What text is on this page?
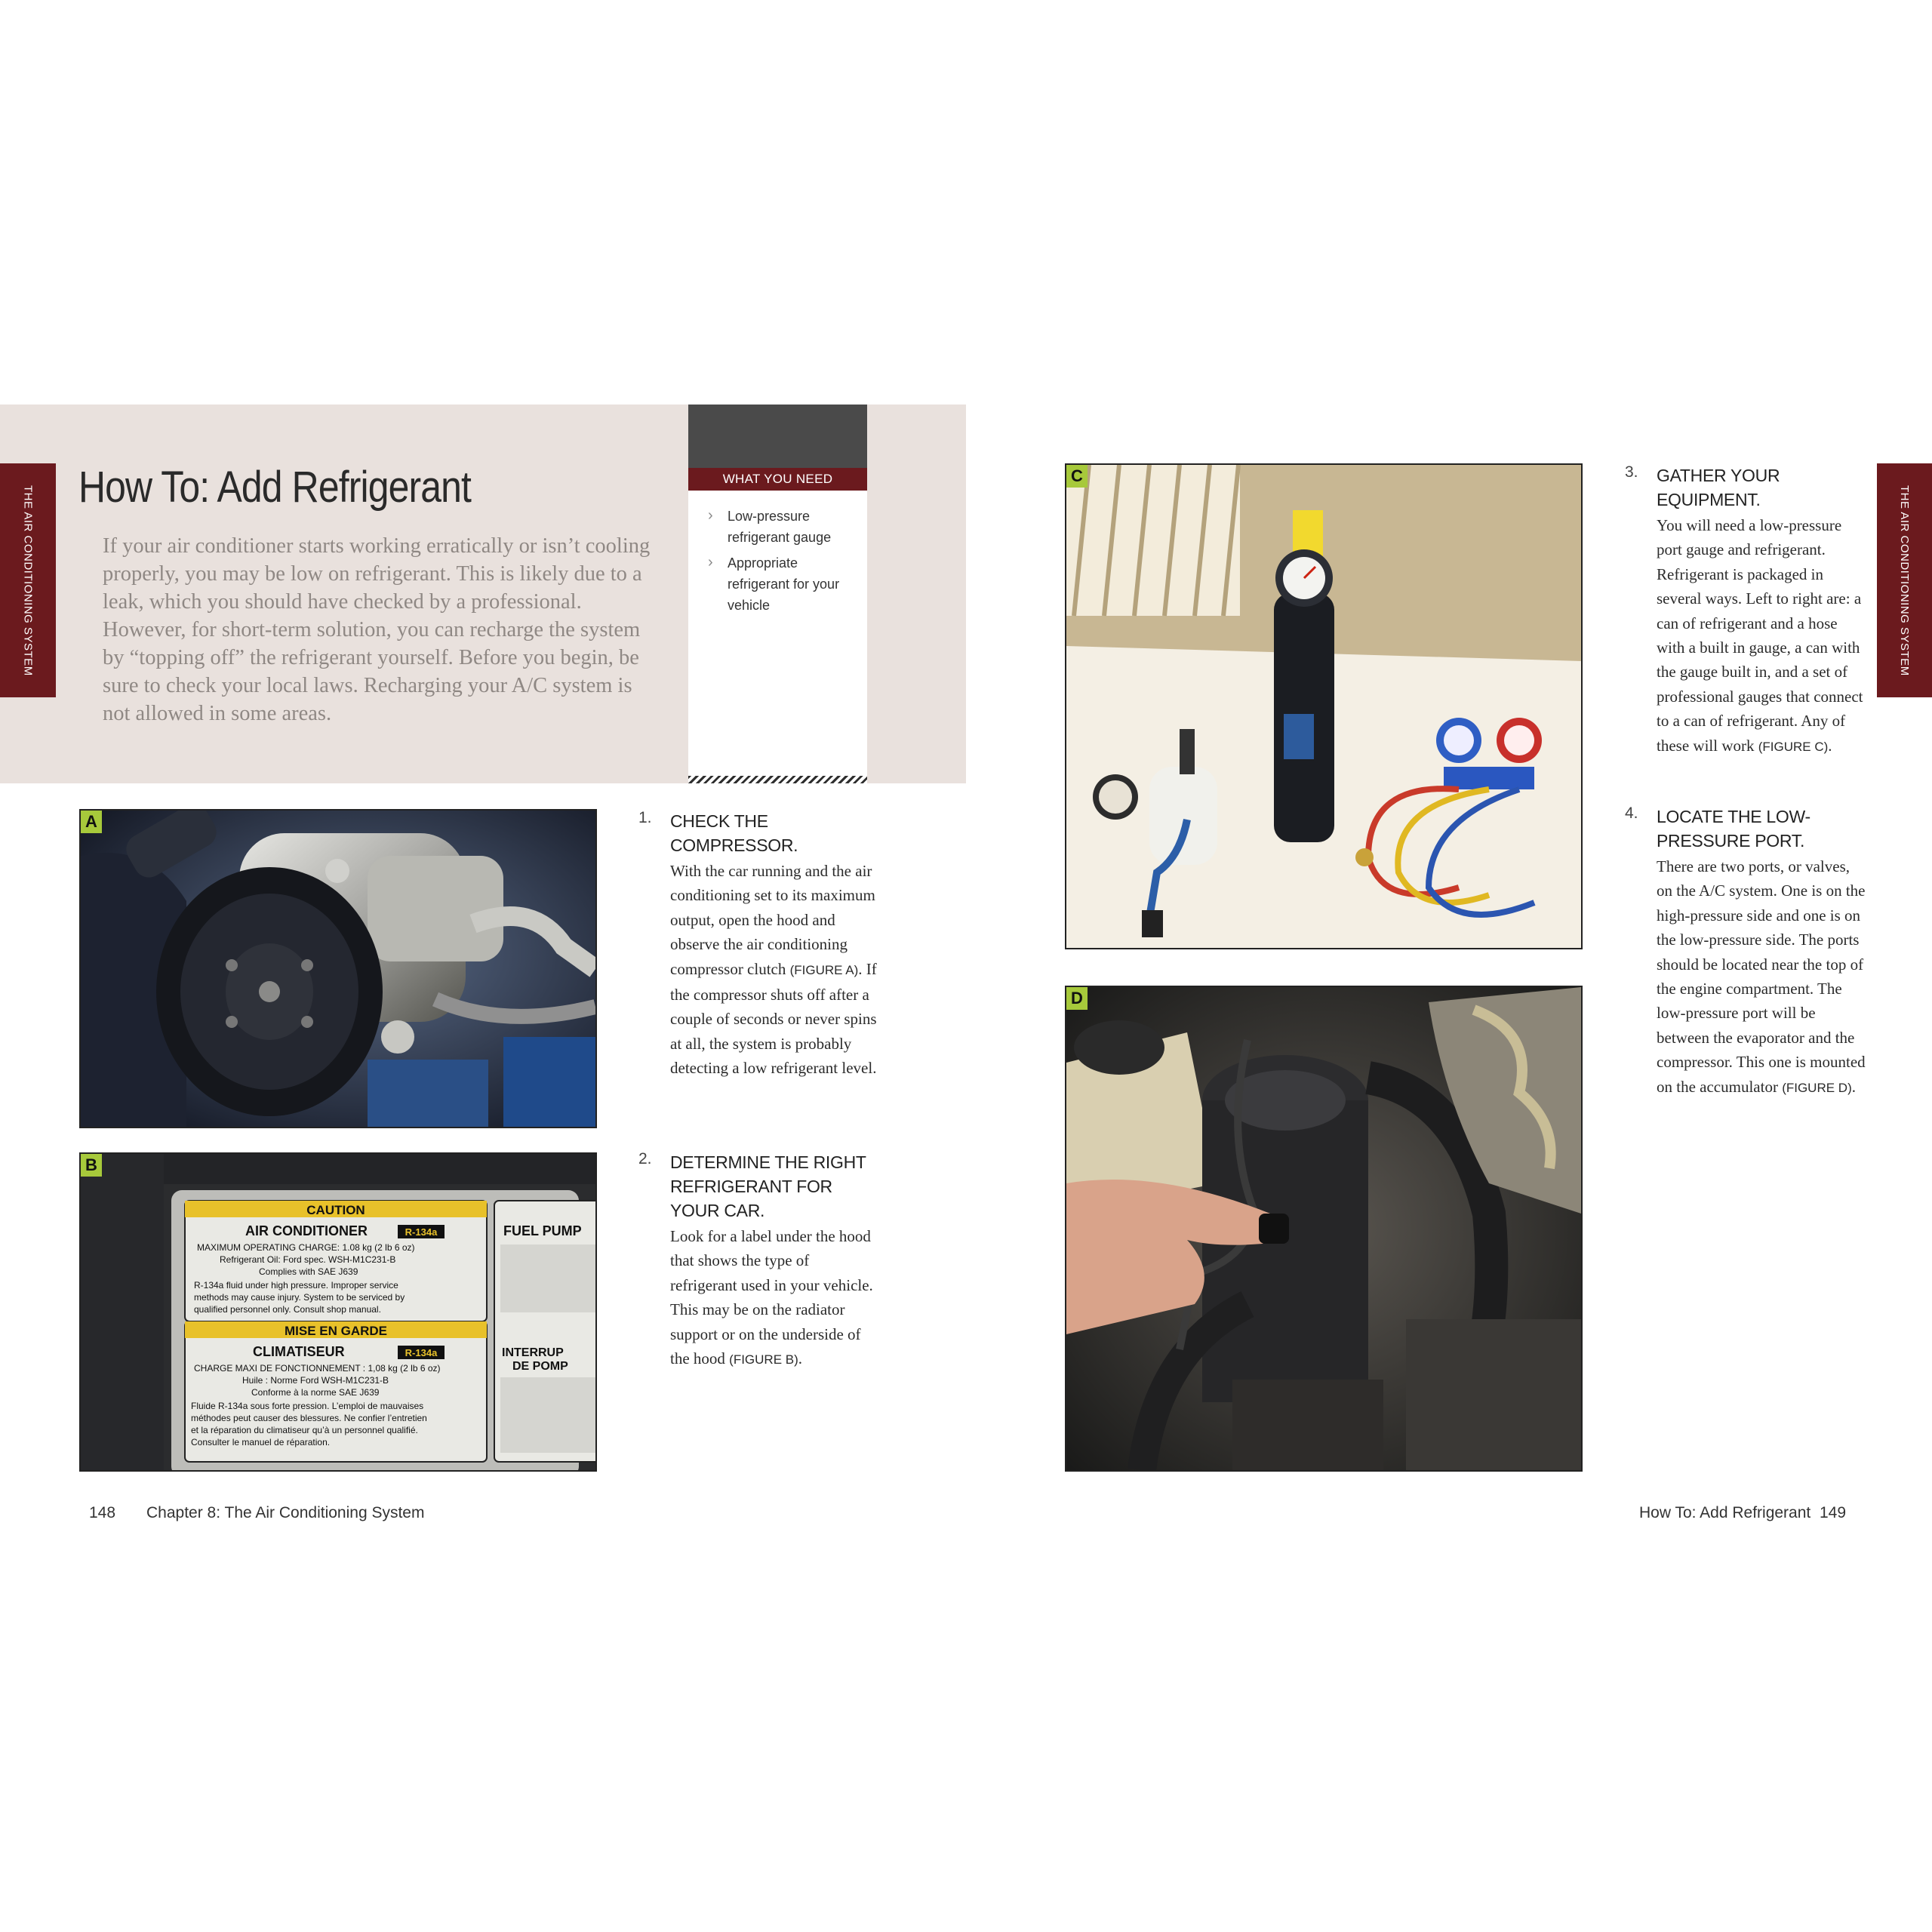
THE AIR CONDITIONING SYSTEM	THE AIR CONDITIONING SYSTEM
How To: Add Refrigerant
If your air conditioner starts working erratically or isn’t cooling properly, you may be low on refrigerant. This is likely due to a leak, which you should have checked by a professional. However, for short-term solution, you can recharge the system by “topping off” the refrigerant yourself. Before you begin, be sure to check your local laws. Recharging your A/C system is not allowed in some areas.
WHAT YOU NEED
› Low-pressure refrigerant gauge
› Appropriate refrigerant for your vehicle
A
B
CAUTION
AIR CONDITIONER	R-134a
MAXIMUM OPERATING CHARGE: 1.08 kg (2 lb 6 oz)
Refrigerant Oil: Ford spec. WSH-M1C231-B
Complies with SAE J639
R-134a fluid under high pressure. Improper service
methods may cause injury. System to be serviced by
qualified personnel only. Consult shop manual.
MISE EN GARDE
CLIMATISEUR	R-134a
CHARGE MAXI DE FONCTIONNEMENT : 1,08 kg (2 lb 6 oz)
Huile : Norme Ford WSH-M1C231-B
Conforme à la norme SAE J639
Fluide R-134a sous forte pression. L’emploi de mauvaises
méthodes peut causer des blessures. Ne confier l’entretien
et la réparation du climatiseur qu’à un personnel qualifié.
Consulter le manuel de réparation.
FUEL PUMP
INTERRUP
DE POMP
C
D
1. CHECK THE COMPRESSOR.
With the car running and the air conditioning set to its maximum output, open the hood and observe the air conditioning compressor clutch (FIGURE A). If the compressor shuts off after a couple of seconds or never spins at all, the system is probably detecting a low refrigerant level.
2. DETERMINE THE RIGHT REFRIGERANT FOR YOUR CAR.
Look for a label under the hood that shows the type of refrigerant used in your vehicle. This may be on the radiator support or on the underside of the hood (FIGURE B).
3. GATHER YOUR EQUIPMENT.
You will need a low-pressure port gauge and refrigerant. Refrigerant is packaged in several ways. Left to right are: a can of refrigerant and a hose with a built in gauge, a can with the gauge built in, and a set of professional gauges that connect to a can of refrigerant. Any of these will work (FIGURE C).
4. LOCATE THE LOW-PRESSURE PORT.
There are two ports, or valves, on the A/C system. One is on the high-pressure side and one is on the low-pressure side. The ports should be located near the top of the engine compartment. The low-pressure port will be between the evaporator and the compressor. This one is mounted on the accumulator (FIGURE D).
148 Chapter 8: The Air Conditioning System	How To: Add Refrigerant 149
